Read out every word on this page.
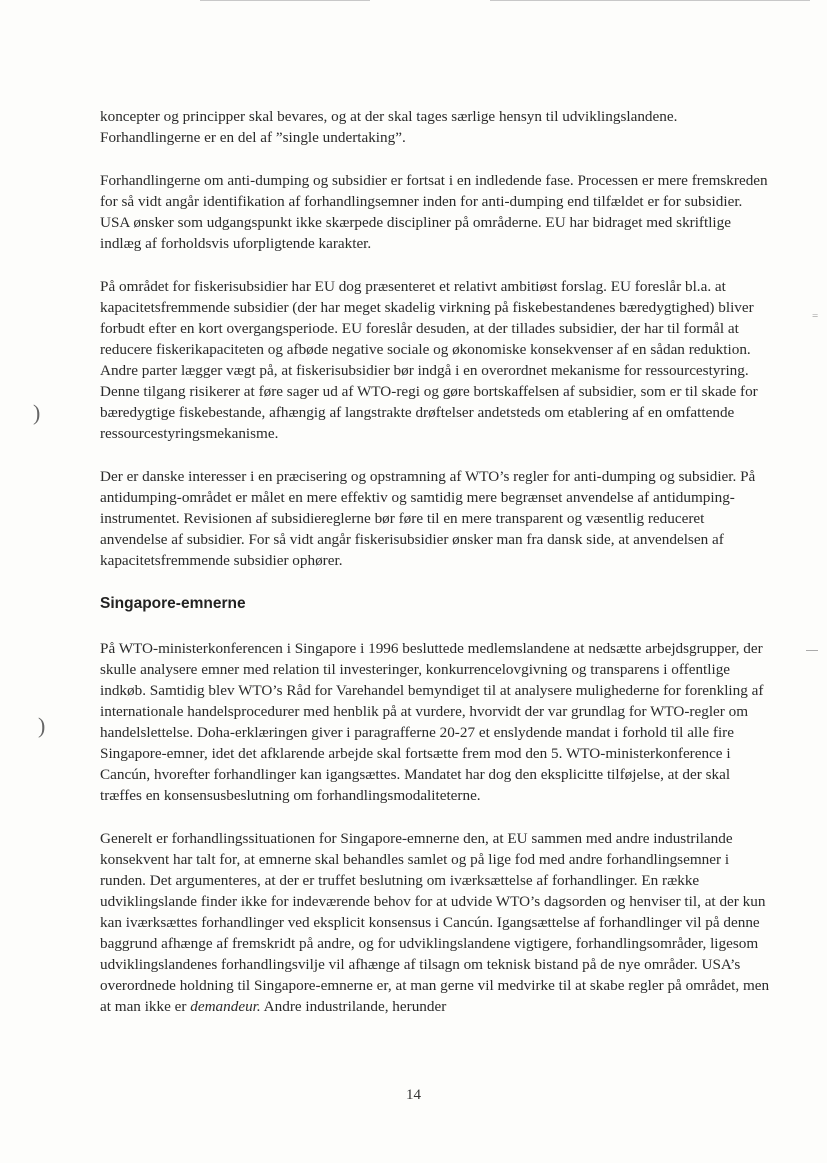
)
)
=

koncepter og principper skal bevares, og at der skal tages særlige hensyn til udviklingslandene. Forhandlingerne er en del af ”single undertaking”.

Forhandlingerne om anti-dumping og subsidier er fortsat i en indledende fase. Processen er mere fremskreden for så vidt angår identifikation af forhandlingsemner inden for anti-dumping end tilfældet er for subsidier. USA ønsker som udgangspunkt ikke skærpede discipliner på områderne. EU har bidraget med skriftlige indlæg af forholdsvis uforpligtende karakter.

På området for fiskerisubsidier har EU dog præsenteret et relativt ambitiøst forslag. EU foreslår bl.a. at kapacitetsfremmende subsidier (der har meget skadelig virkning på fiskebestandenes bæredygtighed) bliver forbudt efter en kort overgangsperiode. EU foreslår desuden, at der tillades subsidier, der har til formål at reducere fiskerikapaciteten og afbøde negative sociale og økonomiske konsekvenser af en sådan reduktion. Andre parter lægger vægt på, at fiskerisubsidier bør indgå i en overordnet mekanisme for ressourcestyring. Denne tilgang risikerer at føre sager ud af WTO-regi og gøre bortskaffelsen af subsidier, som er til skade for bæredygtige fiskebestande, afhængig af langstrakte drøftelser andetsteds om etablering af en omfattende ressourcestyringsmekanisme.

Der er danske interesser i en præcisering og opstramning af WTO’s regler for anti-dumping og subsidier. På antidumping-området er målet en mere effektiv og samtidig mere begrænset anvendelse af antidumping-instrumentet. Revisionen af subsidiereglerne bør føre til en mere transparent og væsentlig reduceret anvendelse af subsidier. For så vidt angår fiskerisubsidier ønsker man fra dansk side, at anvendelsen af kapacitetsfremmende subsidier ophører.

Singapore-emnerne

På WTO-ministerkonferencen i Singapore i 1996 besluttede medlemslandene at nedsætte arbejdsgrupper, der skulle analysere emner med relation til investeringer, konkurrencelovgivning og transparens i offentlige indkøb. Samtidig blev WTO’s Råd for Varehandel bemyndiget til at analysere mulighederne for forenkling af internationale handelsprocedurer med henblik på at vurdere, hvorvidt der var grundlag for WTO-regler om handelslettelse. Doha-erklæringen giver i paragrafferne 20-27 et enslydende mandat i forhold til alle fire Singapore-emner, idet det afklarende arbejde skal fortsætte frem mod den 5. WTO-ministerkonference i Cancún, hvorefter forhandlinger kan igangsættes. Mandatet har dog den eksplicitte tilføjelse, at der skal træffes en konsensusbeslutning om forhandlingsmodaliteterne.

Generelt er forhandlingssituationen for Singapore-emnerne den, at EU sammen med andre industrilande konsekvent har talt for, at emnerne skal behandles samlet og på lige fod med andre forhandlingsemner i runden. Det argumenteres, at der er truffet beslutning om iværksættelse af forhandlinger. En række udviklingslande finder ikke for indeværende behov for at udvide WTO’s dagsorden og henviser til, at der kun kan iværksættes forhandlinger ved eksplicit konsensus i Cancún. Igangsættelse af forhandlinger vil på denne baggrund afhænge af fremskridt på andre, og for udviklingslandene vigtigere, forhandlingsområder, ligesom udviklingslandenes forhandlingsvilje vil afhænge af tilsagn om teknisk bistand på de nye områder. USA’s overordnede holdning til Singapore-emnerne er, at man gerne vil medvirke til at skabe regler på området, men at man ikke er demandeur. Andre industrilande, herunder

14
